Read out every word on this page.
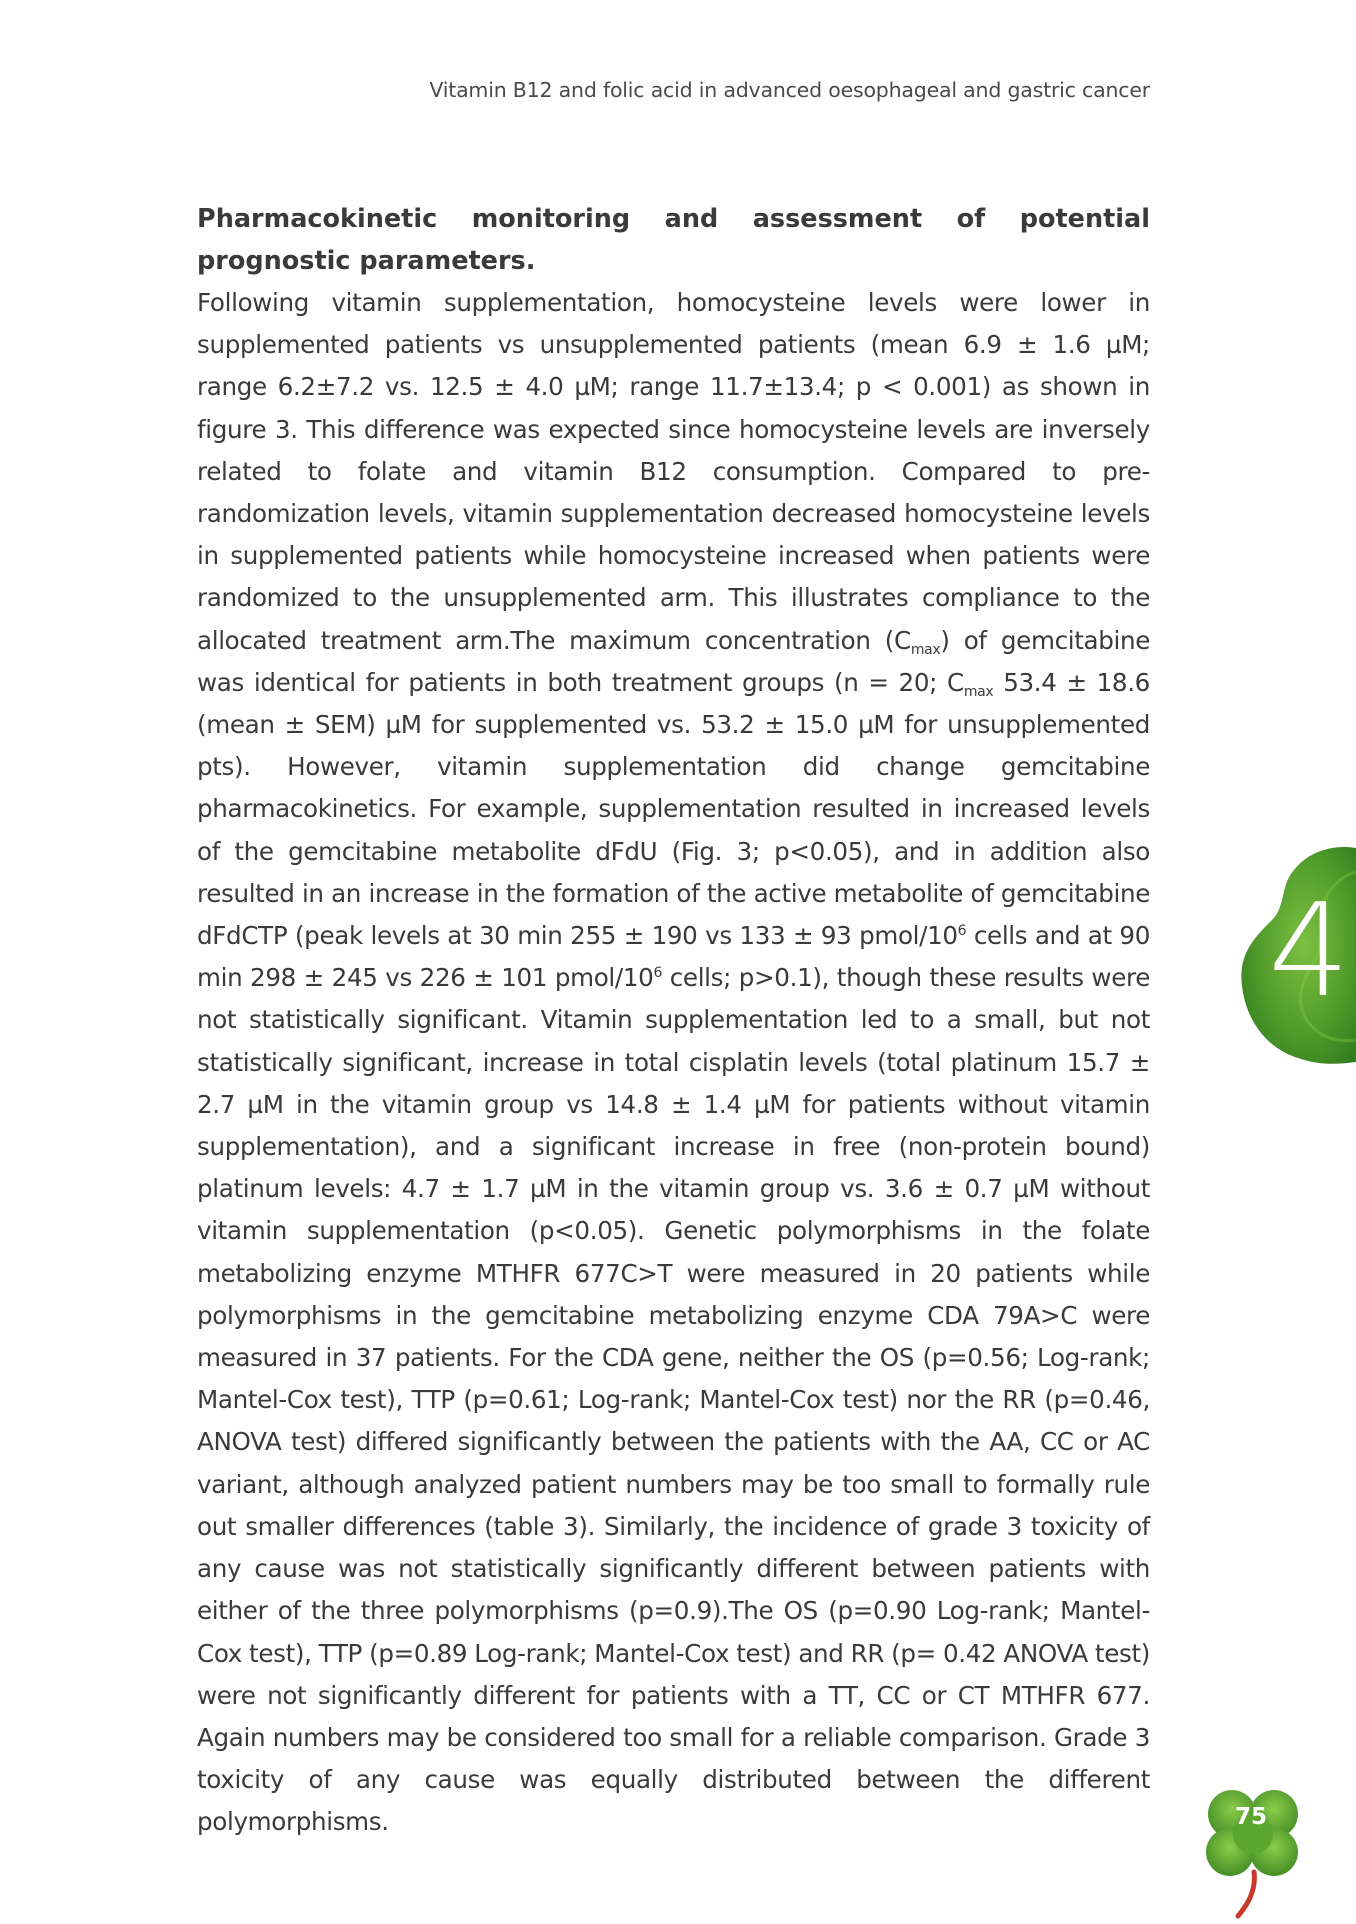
Vitamin B12 and folic acid in advanced oesophageal and gastric cancer

Pharmacokinetic monitoring and assessment of potential prognostic parameters.

Following vitamin supplementation, homocysteine levels were lower in supplemented patients vs unsupplemented patients (mean 6.9 ± 1.6 µM; range 6.2±7.2 vs. 12.5 ± 4.0 µM; range 11.7±13.4; p < 0.001) as shown in figure 3. This difference was expected since homocysteine levels are inversely related to folate and vitamin B12 consumption. Compared to pre-randomization levels, vitamin supplementation decreased homocysteine levels in supplemented patients while homocysteine increased when patients were randomized to the unsupplemented arm. This illustrates compliance to the allocated treatment arm.The maximum concentration $(C_{max})$ of gemcitabine was identical for patients in both treatment groups (n = 20; $C_{max}$ 53.4 ± 18.6 (mean ± SEM) µM for supplemented vs. 53.2 ± 15.0 µM for unsupplemented pts). However, vitamin supplementation did change gemcitabine pharmacokinetics. For example, supplementation resulted in increased levels of the gemcitabine metabolite dFdU (Fig. 3; p<0.05), and in addition also resulted in an increase in the formation of the active metabolite of gemcitabine dFdCTP (peak levels at 30 min 255 ± 190 vs 133 ± 93 pmol/$10^6$ cells and at 90 min 298 ± 245 vs 226 ± 101 pmol/$10^6$ cells; p>0.1), though these results were not statistically significant. Vitamin supplementation led to a small, but not statistically significant, increase in total cisplatin levels (total platinum 15.7 ± 2.7 µM in the vitamin group vs 14.8 ± 1.4 µM for patients without vitamin supplementation), and a significant increase in free (non-protein bound) platinum levels: 4.7 ± 1.7 µM in the vitamin group vs. 3.6 ± 0.7 µM without vitamin supplementation (p<0.05). Genetic polymorphisms in the folate metabolizing enzyme MTHFR 677C>T were measured in 20 patients while polymorphisms in the gemcitabine metabolizing enzyme CDA 79A>C were measured in 37 patients. For the CDA gene, neither the OS (p=0.56; Log-rank; Mantel-Cox test), TTP (p=0.61; Log-rank; Mantel-Cox test) nor the RR (p=0.46, ANOVA test) differed significantly between the patients with the AA, CC or AC variant, although analyzed patient numbers may be too small to formally rule out smaller differences (table 3). Similarly, the incidence of grade 3 toxicity of any cause was not statistically significantly different between patients with either of the three polymorphisms (p=0.9).The OS (p=0.90 Log-rank; Mantel-Cox test), TTP (p=0.89 Log-rank; Mantel-Cox test) and RR (p= 0.42 ANOVA test) were not significantly different for patients with a TT, CC or CT MTHFR 677. Again numbers may be considered too small for a reliable comparison. Grade 3 toxicity of any cause was equally distributed between the different polymorphisms.

4
75
